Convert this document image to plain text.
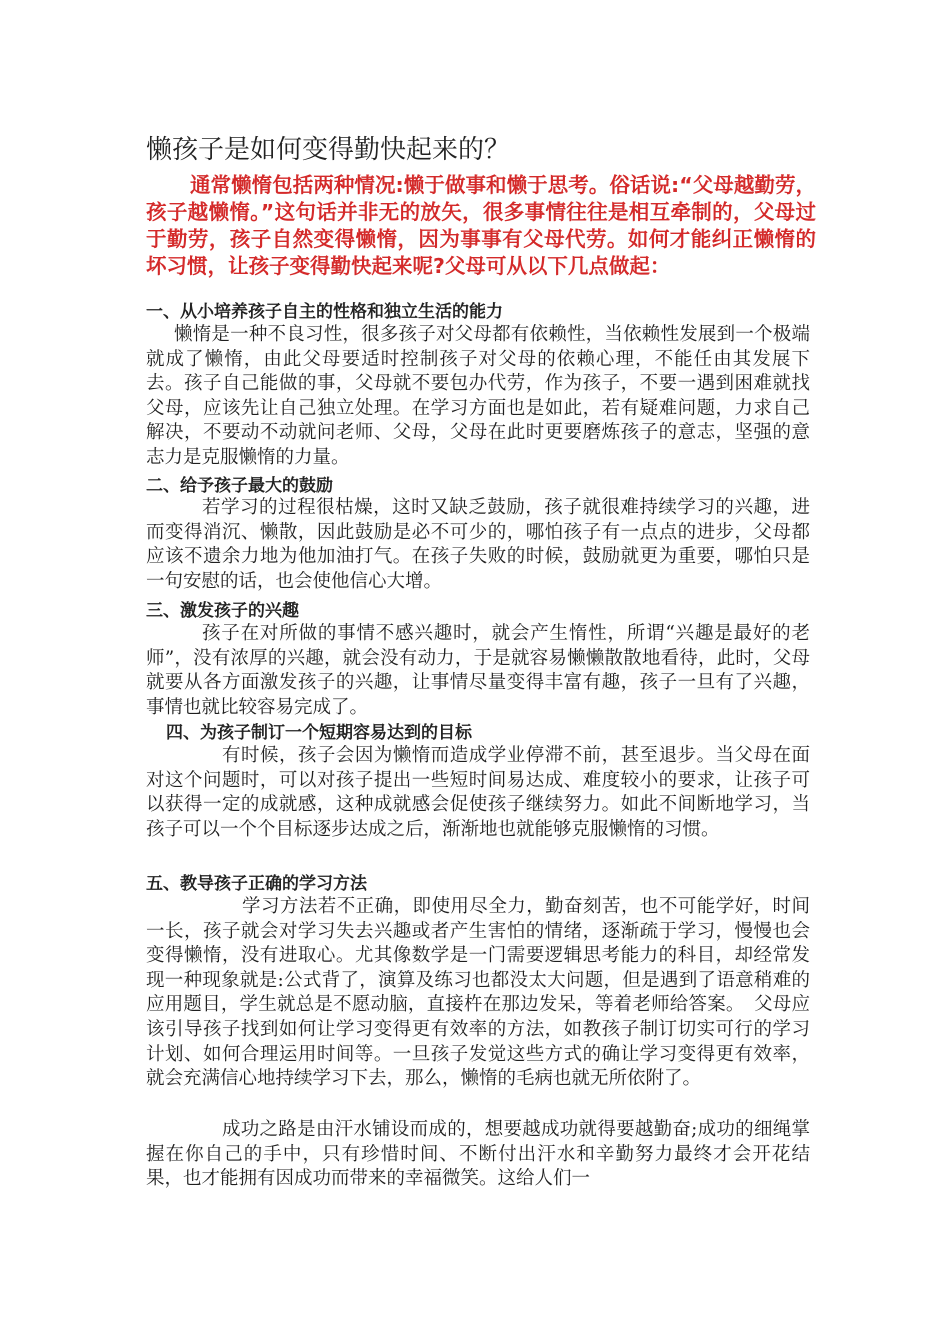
懒孩子是如何变得勤快起来的？

通常懒惰包括两种情况:懒于做事和懒于思考。俗话说:“父母越勤劳，孩子越懒惰。”这句话并非无的放矢，很多事情往往是相互牵制的，父母过于勤劳，孩子自然变得懒惰，因为事事有父母代劳。如何才能纠正懒惰的坏习惯，让孩子变得勤快起来呢?父母可从以下几点做起：

一、从小培养孩子自主的性格和独立生活的能力

懒惰是一种不良习性，很多孩子对父母都有依赖性，当依赖性发展到一个极端就成了懒惰，由此父母要适时控制孩子对父母的依赖心理，不能任由其发展下去。孩子自己能做的事，父母就不要包办代劳，作为孩子，不要一遇到困难就找父母，应该先让自己独立处理。在学习方面也是如此，若有疑难问题，力求自己解决，不要动不动就问老师、父母，父母在此时更要磨炼孩子的意志，坚强的意志力是克服懒惰的力量。

二、给予孩子最大的鼓励

若学习的过程很枯燥，这时又缺乏鼓励，孩子就很难持续学习的兴趣，进而变得消沉、懒散，因此鼓励是必不可少的，哪怕孩子有一点点的进步，父母都应该不遗余力地为他加油打气。在孩子失败的时候，鼓励就更为重要，哪怕只是一句安慰的话，也会使他信心大增。

三、激发孩子的兴趣

孩子在对所做的事情不感兴趣时，就会产生惰性，所谓“兴趣是最好的老师”，没有浓厚的兴趣，就会没有动力，于是就容易懒懒散散地看待，此时，父母就要从各方面激发孩子的兴趣，让事情尽量变得丰富有趣，孩子一旦有了兴趣，事情也就比较容易完成了。

四、为孩子制订一个短期容易达到的目标

有时候，孩子会因为懒惰而造成学业停滞不前，甚至退步。当父母在面对这个问题时，可以对孩子提出一些短时间易达成、难度较小的要求，让孩子可以获得一定的成就感，这种成就感会促使孩子继续努力。如此不间断地学习，当孩子可以一个个目标逐步达成之后，渐渐地也就能够克服懒惰的习惯。

五、教导孩子正确的学习方法

学习方法若不正确，即使用尽全力，勤奋刻苦，也不可能学好，时间一长，孩子就会对学习失去兴趣或者产生害怕的情绪，逐渐疏于学习，慢慢也会变得懒惰，没有进取心。尤其像数学是一门需要逻辑思考能力的科目，却经常发现一种现象就是:公式背了，演算及练习也都没太大问题，但是遇到了语意稍难的应用题目，学生就总是不愿动脑，直接杵在那边发呆，等着老师给答案。　父母应该引导孩子找到如何让学习变得更有效率的方法，如教孩子制订切实可行的学习计划、如何合理运用时间等。一旦孩子发觉这些方式的确让学习变得更有效率，就会充满信心地持续学习下去，那么，懒惰的毛病也就无所依附了。

成功之路是由汗水铺设而成的，想要越成功就得要越勤奋;成功的细绳掌握在你自己的手中，只有珍惜时间、不断付出汗水和辛勤努力最终才会开花结果，也才能拥有因成功而带来的幸福微笑。这给人们一
